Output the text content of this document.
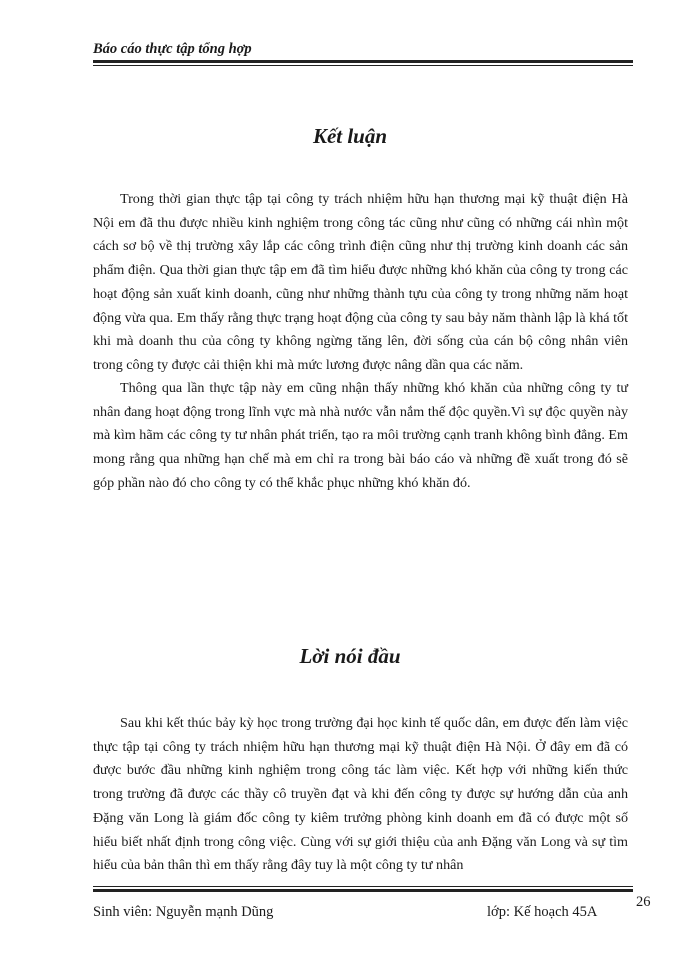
Báo cáo thực tập tổng hợp
Kết luận

Trong thời gian thực tập tại công ty trách nhiệm hữu hạn thương mại kỹ thuật điện Hà Nội em đã thu được nhiều kinh nghiệm trong công tác cũng như cũng có những cái nhìn một cách sơ bộ về thị trường xây lắp các công trình điện cũng như thị trường kinh doanh các sản phẩm điện. Qua thời gian thực tập em đã tìm hiểu được những khó khăn của công ty trong các hoạt động sản xuất kinh doanh, cũng như những thành tựu của công ty trong những năm hoạt động vừa qua. Em thấy rằng thực trạng hoạt động của công ty sau bảy năm thành lập là khá tốt khi mà doanh thu của công ty không ngừng tăng lên, đời sống của cán bộ công nhân viên trong công ty được cải thiện khi mà mức lương được nâng dần qua các năm.

Thông qua lần thực tập này em cũng nhận thấy những khó khăn của những công ty tư nhân đang hoạt động trong lĩnh vực mà nhà nước vẫn nắm thế độc quyền.Vì sự độc quyền này mà kìm hãm các công ty tư nhân phát triển, tạo ra môi trường cạnh tranh không bình đẳng. Em mong rằng qua những hạn chế mà em chỉ ra trong bài báo cáo và những đề xuất trong đó sẽ góp phần nào đó cho công ty có thể khắc phục những khó khăn đó.

Lời nói đầu

Sau khi kết thúc bảy kỳ học trong trường đại học kinh tế quốc dân, em được đến làm việc thực tập tại công ty trách nhiệm hữu hạn thương mại kỹ thuật điện Hà Nội. Ở đây em đã có được bước đầu những kinh nghiệm trong công tác làm việc. Kết hợp với những kiến thức trong trường đã được các thầy cô truyền đạt và khi đến công ty được sự hướng dẫn của anh Đặng văn Long là giám đốc công ty kiêm trưởng phòng kinh doanh em đã có được một số hiểu biết nhất định trong công việc. Cùng với sự giới thiệu của anh Đặng văn Long và sự tìm hiểu của bản thân thì em thấy rằng đây tuy là một công ty tư nhân

Sinh viên: Nguyễn mạnh Dũng	lớp: Kế hoạch 45A
26
